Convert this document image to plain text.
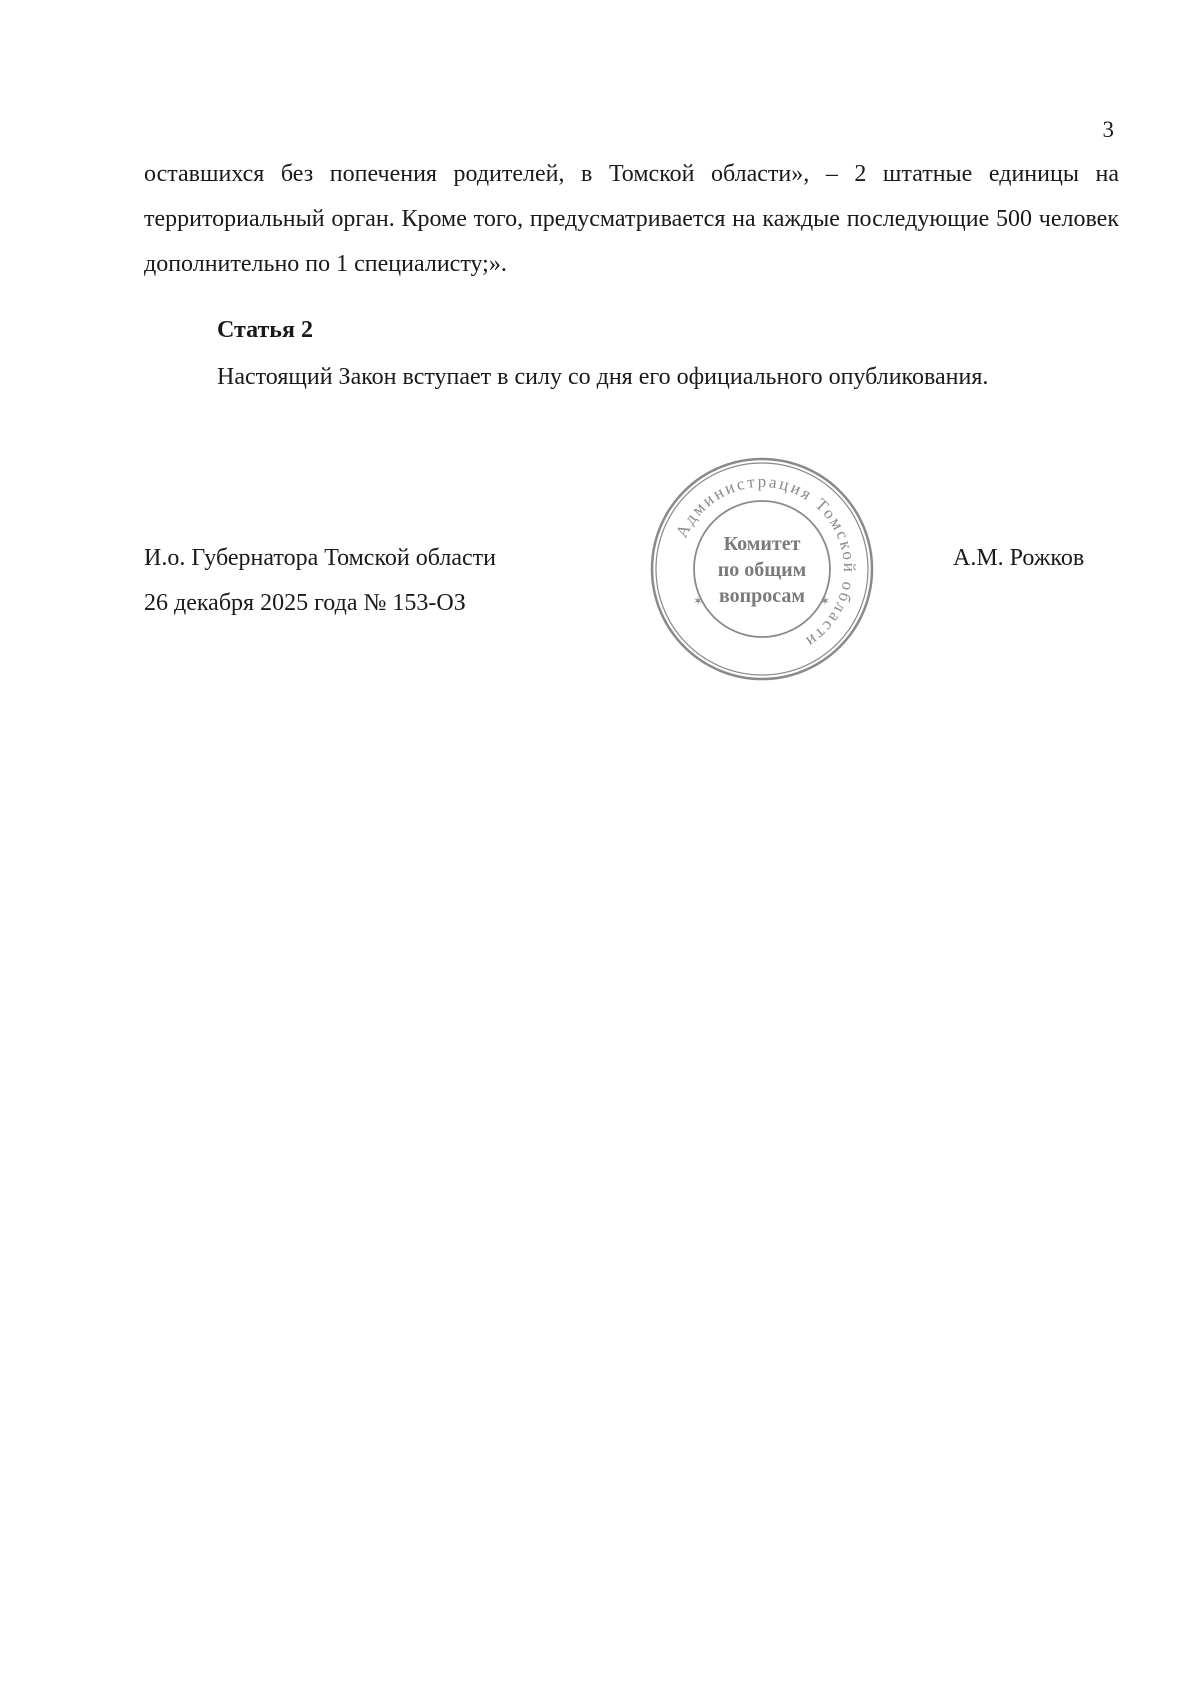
3
оставшихся без попечения родителей, в Томской области», – 2 штатные единицы на территориальный орган. Кроме того, предусматривается на каждые последующие 500 человек дополнительно по 1 специалисту;».
Статья 2
Настоящий Закон вступает в силу со дня его официального опубликования.
И.о. Губернатора Томской области	А.М. Рожков
26 декабря 2025 года № 153-ОЗ
Администрация Томской области
✶	✶
Комитет
по общим
вопросам
